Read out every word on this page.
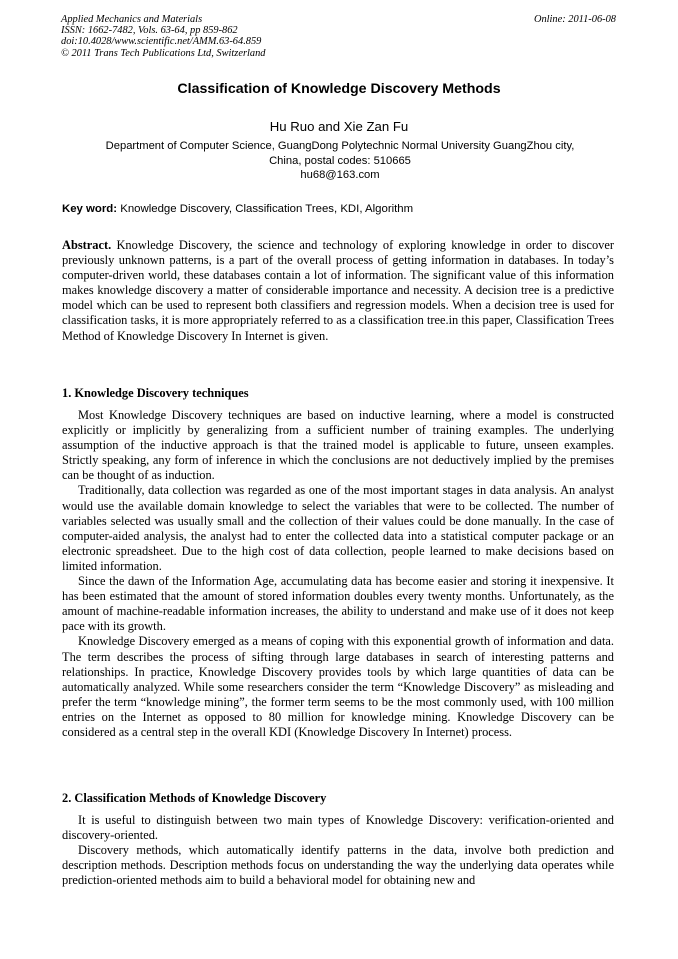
Applied Mechanics and Materials
ISSN: 1662-7482, Vols. 63-64, pp 859-862
doi:10.4028/www.scientific.net/AMM.63-64.859
© 2011 Trans Tech Publications Ltd, Switzerland
Online: 2011-06-08
Classification of Knowledge Discovery Methods
Hu Ruo and Xie Zan Fu
Department of Computer Science, GuangDong Polytechnic Normal University GuangZhou city,
China, postal codes: 510665
hu68@163.com
Key word: Knowledge Discovery, Classification Trees, KDI, Algorithm

Abstract. Knowledge Discovery, the science and technology of exploring knowledge in order to discover previously unknown patterns, is a part of the overall process of getting information in databases. In today’s computer-driven world, these databases contain a lot of information. The significant value of this information makes knowledge discovery a matter of considerable importance and necessity. A decision tree is a predictive model which can be used to represent both classifiers and regression models. When a decision tree is used for classification tasks, it is more appropriately referred to as a classification tree.in this paper, Classification Trees Method of Knowledge Discovery In Internet is given.

1. Knowledge Discovery techniques

Most Knowledge Discovery techniques are based on inductive learning, where a model is constructed explicitly or implicitly by generalizing from a sufficient number of training examples. The underlying assumption of the inductive approach is that the trained model is applicable to future, unseen examples. Strictly speaking, any form of inference in which the conclusions are not deductively implied by the premises can be thought of as induction.

Traditionally, data collection was regarded as one of the most important stages in data analysis. An analyst would use the available domain knowledge to select the variables that were to be collected. The number of variables selected was usually small and the collection of their values could be done manually. In the case of computer-aided analysis, the analyst had to enter the collected data into a statistical computer package or an electronic spreadsheet. Due to the high cost of data collection, people learned to make decisions based on limited information.

Since the dawn of the Information Age, accumulating data has become easier and storing it inexpensive. It has been estimated that the amount of stored information doubles every twenty months. Unfortunately, as the amount of machine-readable information increases, the ability to understand and make use of it does not keep pace with its growth.

Knowledge Discovery emerged as a means of coping with this exponential growth of information and data. The term describes the process of sifting through large databases in search of interesting patterns and relationships. In practice, Knowledge Discovery provides tools by which large quantities of data can be automatically analyzed. While some researchers consider the term “Knowledge Discovery” as misleading and prefer the term “knowledge mining”, the former term seems to be the most commonly used, with 100 million entries on the Internet as opposed to 80 million for knowledge mining. Knowledge Discovery can be considered as a central step in the overall KDI (Knowledge Discovery In Internet) process.

2. Classification Methods of Knowledge Discovery

It is useful to distinguish between two main types of Knowledge Discovery: verification-oriented and discovery-oriented.

Discovery methods, which automatically identify patterns in the data, involve both prediction and description methods. Description methods focus on understanding the way the underlying data operates while prediction-oriented methods aim to build a behavioral model for obtaining new and
